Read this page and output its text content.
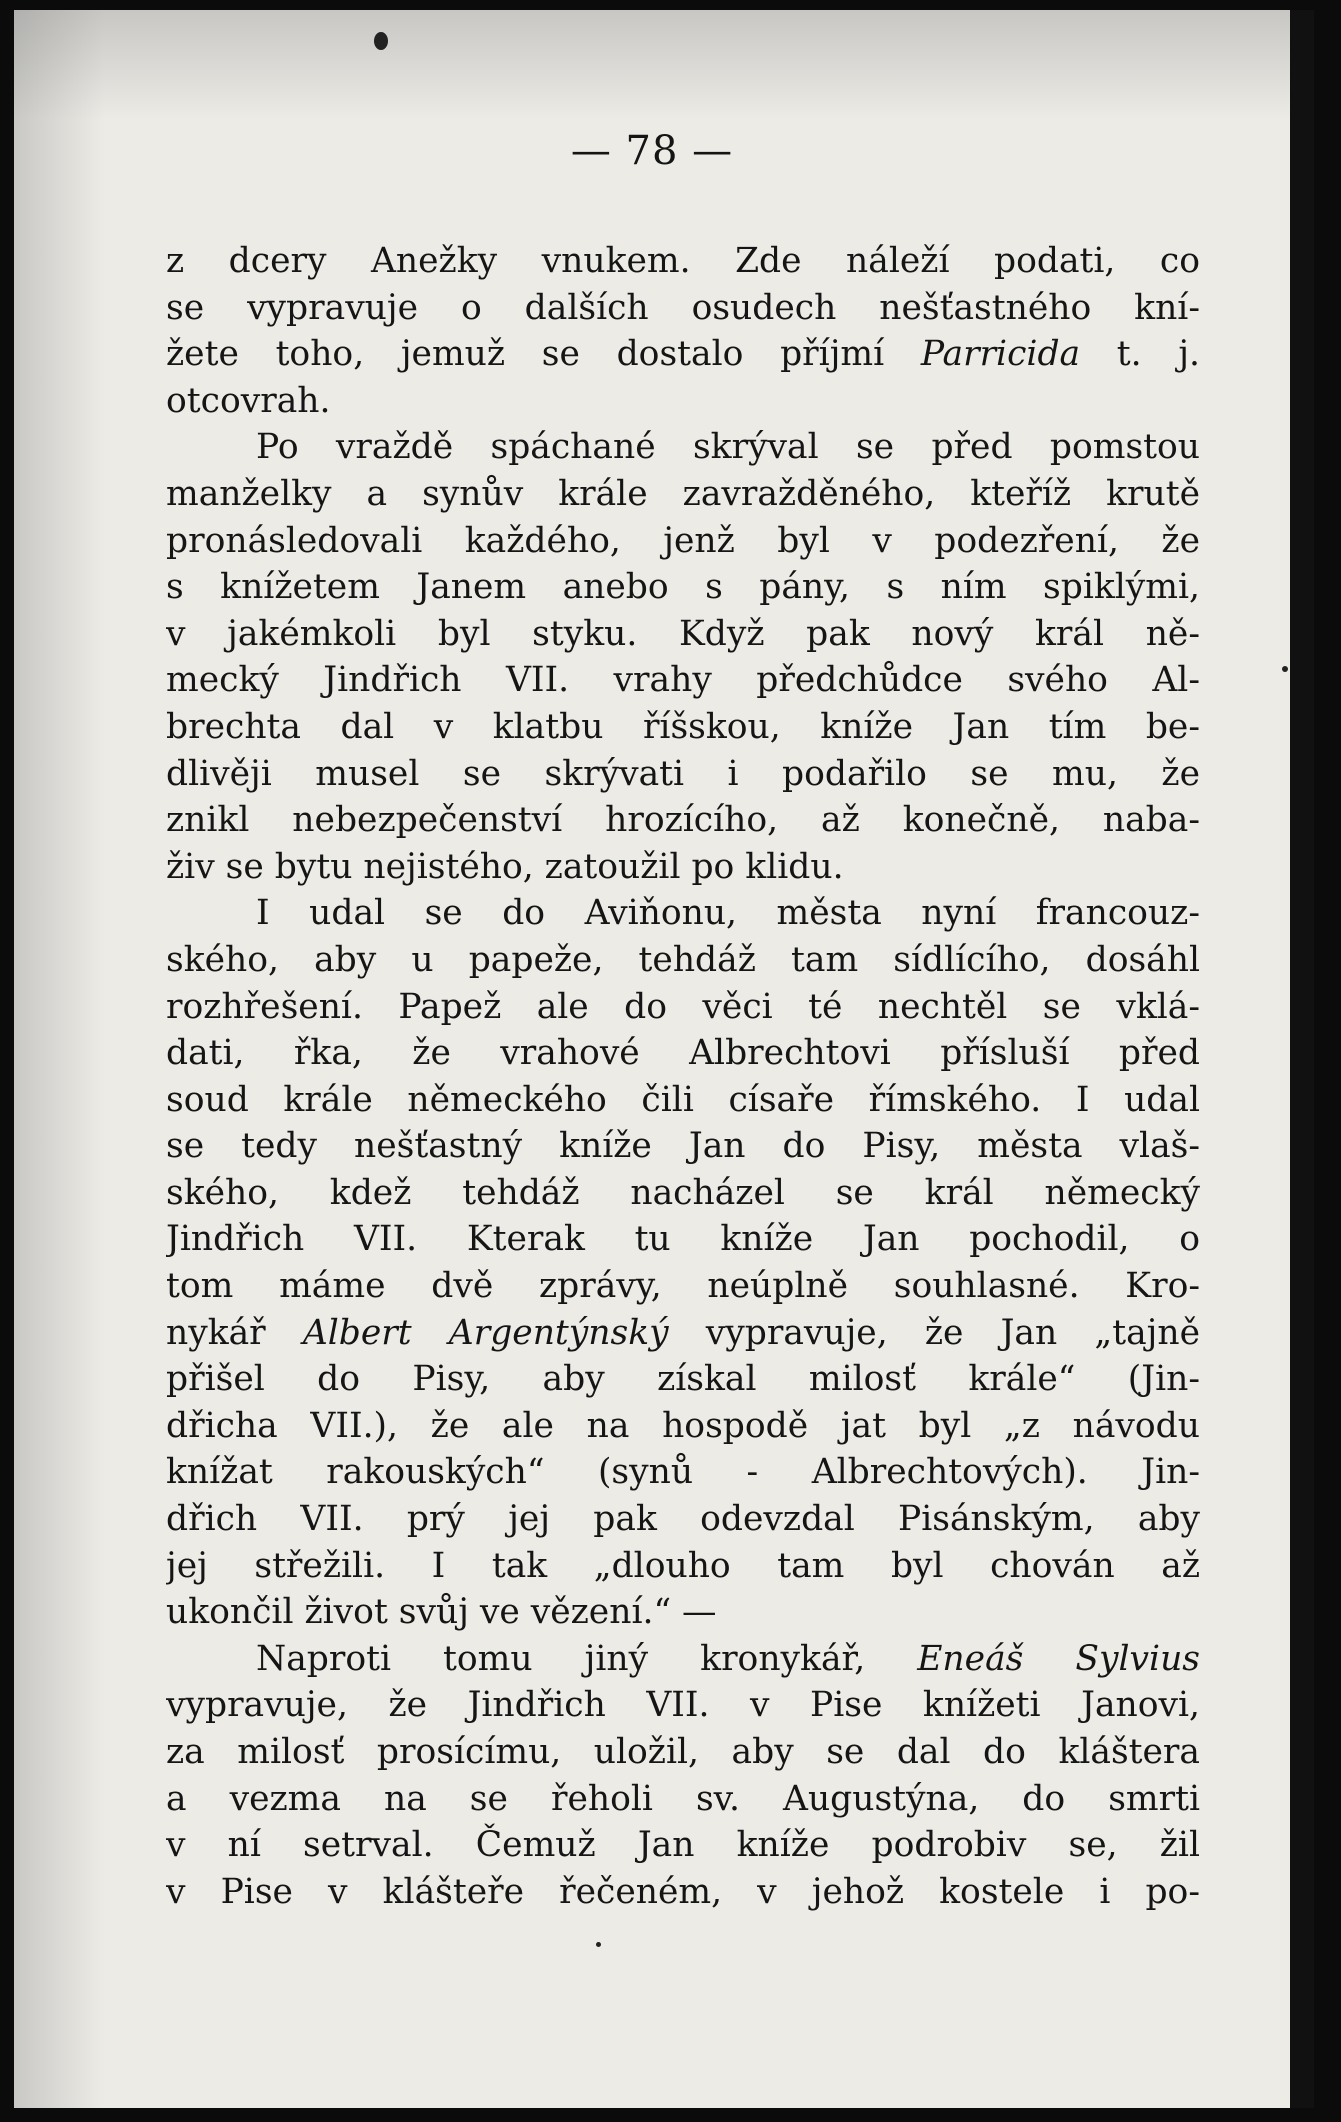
— 78 —
z dcery Anežky vnukem. Zde náleží podati, co
se vypravuje o dalších osudech nešťastného kní-
žete toho, jemuž se dostalo příjmí Parricida t. j.
otcovrah.
Po vraždě spáchané skrýval se před pomstou
manželky a synův krále zavražděného, kteříž krutě
pronásledovali každého, jenž byl v podezření, že
s knížetem Janem anebo s pány, s ním spiklými,
v jakémkoli byl styku. Když pak nový král ně-
mecký Jindřich VII. vrahy předchůdce svého Al-
brechta dal v klatbu říšskou, kníže Jan tím be-
dlivěji musel se skrývati i podařilo se mu, že
znikl nebezpečenství hrozícího, až konečně, naba-
živ se bytu nejistého, zatoužil po klidu.
I udal se do Aviňonu, města nyní francouz-
ského, aby u papeže, tehdáž tam sídlícího, dosáhl
rozhřešení. Papež ale do věci té nechtěl se vklá-
dati, řka, že vrahové Albrechtovi přísluší před
soud krále německého čili císaře římského. I udal
se tedy nešťastný kníže Jan do Pisy, města vlaš-
ského, kdež tehdáž nacházel se král německý
Jindřich VII. Kterak tu kníže Jan pochodil, o
tom máme dvě zprávy, neúplně souhlasné. Kro-
nykář Albert Argentýnský vypravuje, že Jan „tajně
přišel do Pisy, aby získal milosť krále“ (Jin-
dřicha VII.), že ale na hospodě jat byl „z návodu
knížat rakouských“ (synů - Albrechtových). Jin-
dřich VII. prý jej pak odevzdal Pisánským, aby
jej střežili. I tak „dlouho tam byl chován až
ukončil život svůj ve vězení.“ —
Naproti tomu jiný kronykář, Eneáš Sylvius
vypravuje, že Jindřich VII. v Pise knížeti Janovi,
za milosť prosícímu, uložil, aby se dal do kláštera
a vezma na se řeholi sv. Augustýna, do smrti
v ní setrval. Čemuž Jan kníže podrobiv se, žil
v Pise v klášteře řečeném, v jehož kostele i po-
